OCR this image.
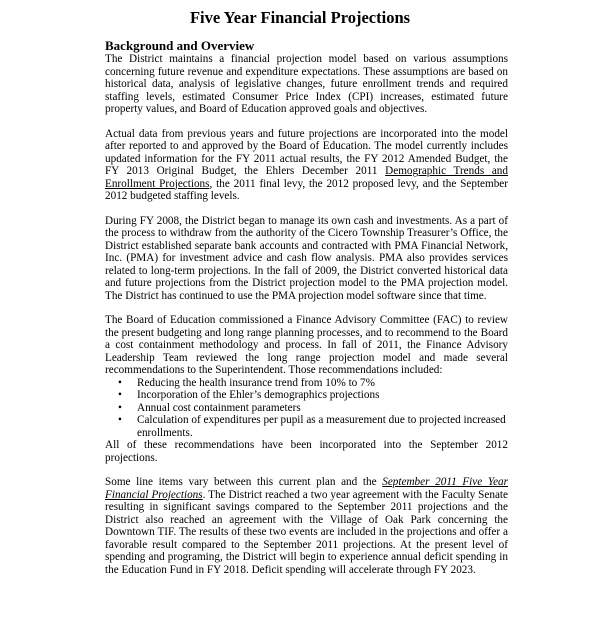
Five Year Financial Projections
Background and Overview

The District maintains a financial projection model based on various assumptions concerning future revenue and expenditure expectations. These assumptions are based on historical data, analysis of legislative changes, future enrollment trends and required staffing levels, estimated Consumer Price Index (CPI) increases, estimated future property values, and Board of Education approved goals and objectives.

Actual data from previous years and future projections are incorporated into the model after reported to and approved by the Board of Education. The model currently includes updated information for the FY 2011 actual results, the FY 2012 Amended Budget, the FY 2013 Original Budget, the Ehlers December 2011 Demographic Trends and Enrollment Projections, the 2011 final levy, the 2012 proposed levy, and the September 2012 budgeted staffing levels.

During FY 2008, the District began to manage its own cash and investments. As a part of the process to withdraw from the authority of the Cicero Township Treasurer’s Office, the District established separate bank accounts and contracted with PMA Financial Network, Inc. (PMA) for investment advice and cash flow analysis. PMA also provides services related to long-term projections. In the fall of 2009, the District converted historical data and future projections from the District projection model to the PMA projection model. The District has continued to use the PMA projection model software since that time.

The Board of Education commissioned a Finance Advisory Committee (FAC) to review the present budgeting and long range planning processes, and to recommend to the Board a cost containment methodology and process. In fall of 2011, the Finance Advisory Leadership Team reviewed the long range projection model and made several recommendations to the Superintendent. Those recommendations included:

• Reducing the health insurance trend from 10% to 7%
• Incorporation of the Ehler’s demographics projections
• Annual cost containment parameters
• Calculation of expenditures per pupil as a measurement due to projected increased enrollments.

All of these recommendations have been incorporated into the September 2012 projections.

Some line items vary between this current plan and the September 2011 Five Year Financial Projections. The District reached a two year agreement with the Faculty Senate resulting in significant savings compared to the September 2011 projections and the District also reached an agreement with the Village of Oak Park concerning the Downtown TIF. The results of these two events are included in the projections and offer a favorable result compared to the September 2011 projections. At the present level of spending and programing, the District will begin to experience annual deficit spending in the Education Fund in FY 2018. Deficit spending will accelerate through FY 2023.
